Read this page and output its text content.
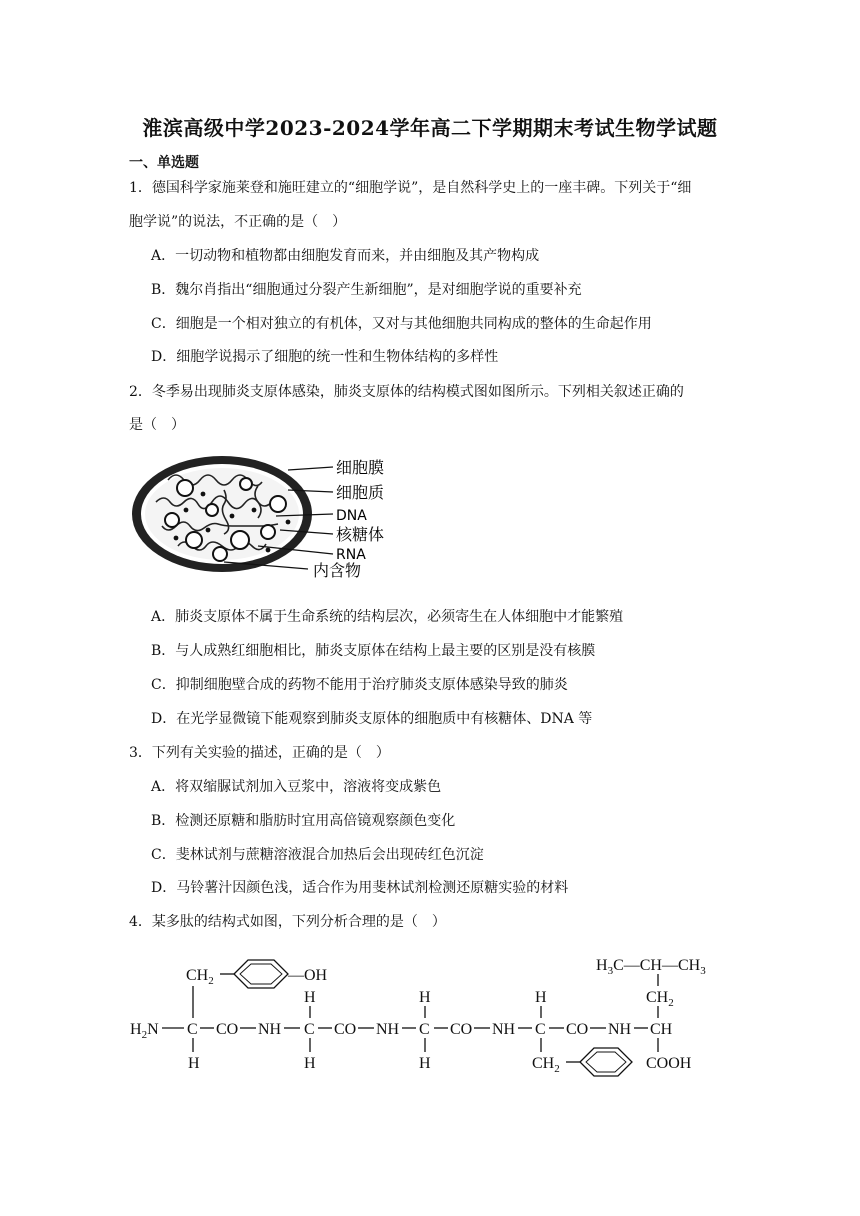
淮滨高级中学2023-2024学年高二下学期期末考试生物学试题
一、单选题
1．德国科学家施莱登和施旺建立的“细胞学说”，是自然科学史上的一座丰碑。下列关于“细
胞学说”的说法，不正确的是（　）
A．一切动物和植物都由细胞发育而来，并由细胞及其产物构成
B．魏尔肖指出“细胞通过分裂产生新细胞”，是对细胞学说的重要补充
C．细胞是一个相对独立的有机体，又对与其他细胞共同构成的整体的生命起作用
D．细胞学说揭示了细胞的统一性和生物体结构的多样性
2．冬季易出现肺炎支原体感染，肺炎支原体的结构模式图如图所示。下列相关叙述正确的
是（　）
细胞膜
细胞质
DNA
核糖体
RNA
内含物
A．肺炎支原体不属于生命系统的结构层次，必须寄生在人体细胞中才能繁殖
B．与人成熟红细胞相比，肺炎支原体在结构上最主要的区别是没有核膜
C．抑制细胞壁合成的药物不能用于治疗肺炎支原体感染导致的肺炎
D．在光学显微镜下能观察到肺炎支原体的细胞质中有核糖体、DNA 等
3．下列有关实验的描述，正确的是（　）
A．将双缩脲试剂加入豆浆中，溶液将变成紫色
B．检测还原糖和脂肪时宜用高倍镜观察颜色变化
C．斐林试剂与蔗糖溶液混合加热后会出现砖红色沉淀
D．马铃薯汁因颜色浅，适合作为用斐林试剂检测还原糖实验的材料
4．某多肽的结构式如图，下列分析合理的是（　）
$CH_2$	—OH
$H_2N$ C CO NH C CO NH C CO NH C CO NH CH
H
H
H
H
H
H
$CH_2$
$H_3C—CH—CH_3$
$CH_2$
COOH
